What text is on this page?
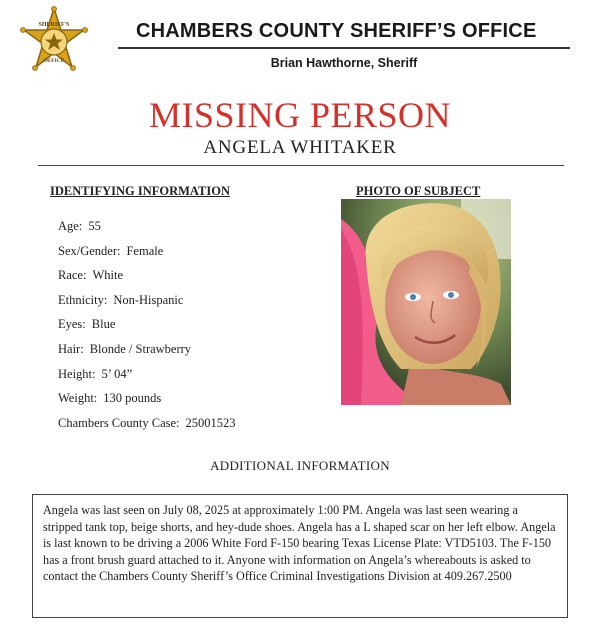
SHERIFF'S
OFFICE
CHAMBERS COUNTY SHERIFF’S OFFICE
Brian Hawthorne, Sheriff
MISSING PERSON
ANGELA WHITAKER
IDENTIFYING INFORMATION	PHOTO OF SUBJECT
Age: 55
Sex/Gender: Female
Race: White
Ethnicity: Non-Hispanic
Eyes: Blue
Hair: Blonde / Strawberry
Height: 5’ 04”
Weight: 130 pounds
Chambers County Case: 25001523
ADDITIONAL INFORMATION
Angela was last seen on July 08, 2025 at approximately 1:00 PM. Angela was last seen wearing a stripped tank top, beige shorts, and hey-dude shoes. Angela has a L shaped scar on her left elbow. Angela is last known to be driving a 2006 White Ford F-150 bearing Texas License Plate: VTD5103. The F-150 has a front brush guard attached to it. Anyone with information on Angela’s whereabouts is asked to contact the Chambers County Sheriff’s Office Criminal Investigations Division at 409.267.2500
